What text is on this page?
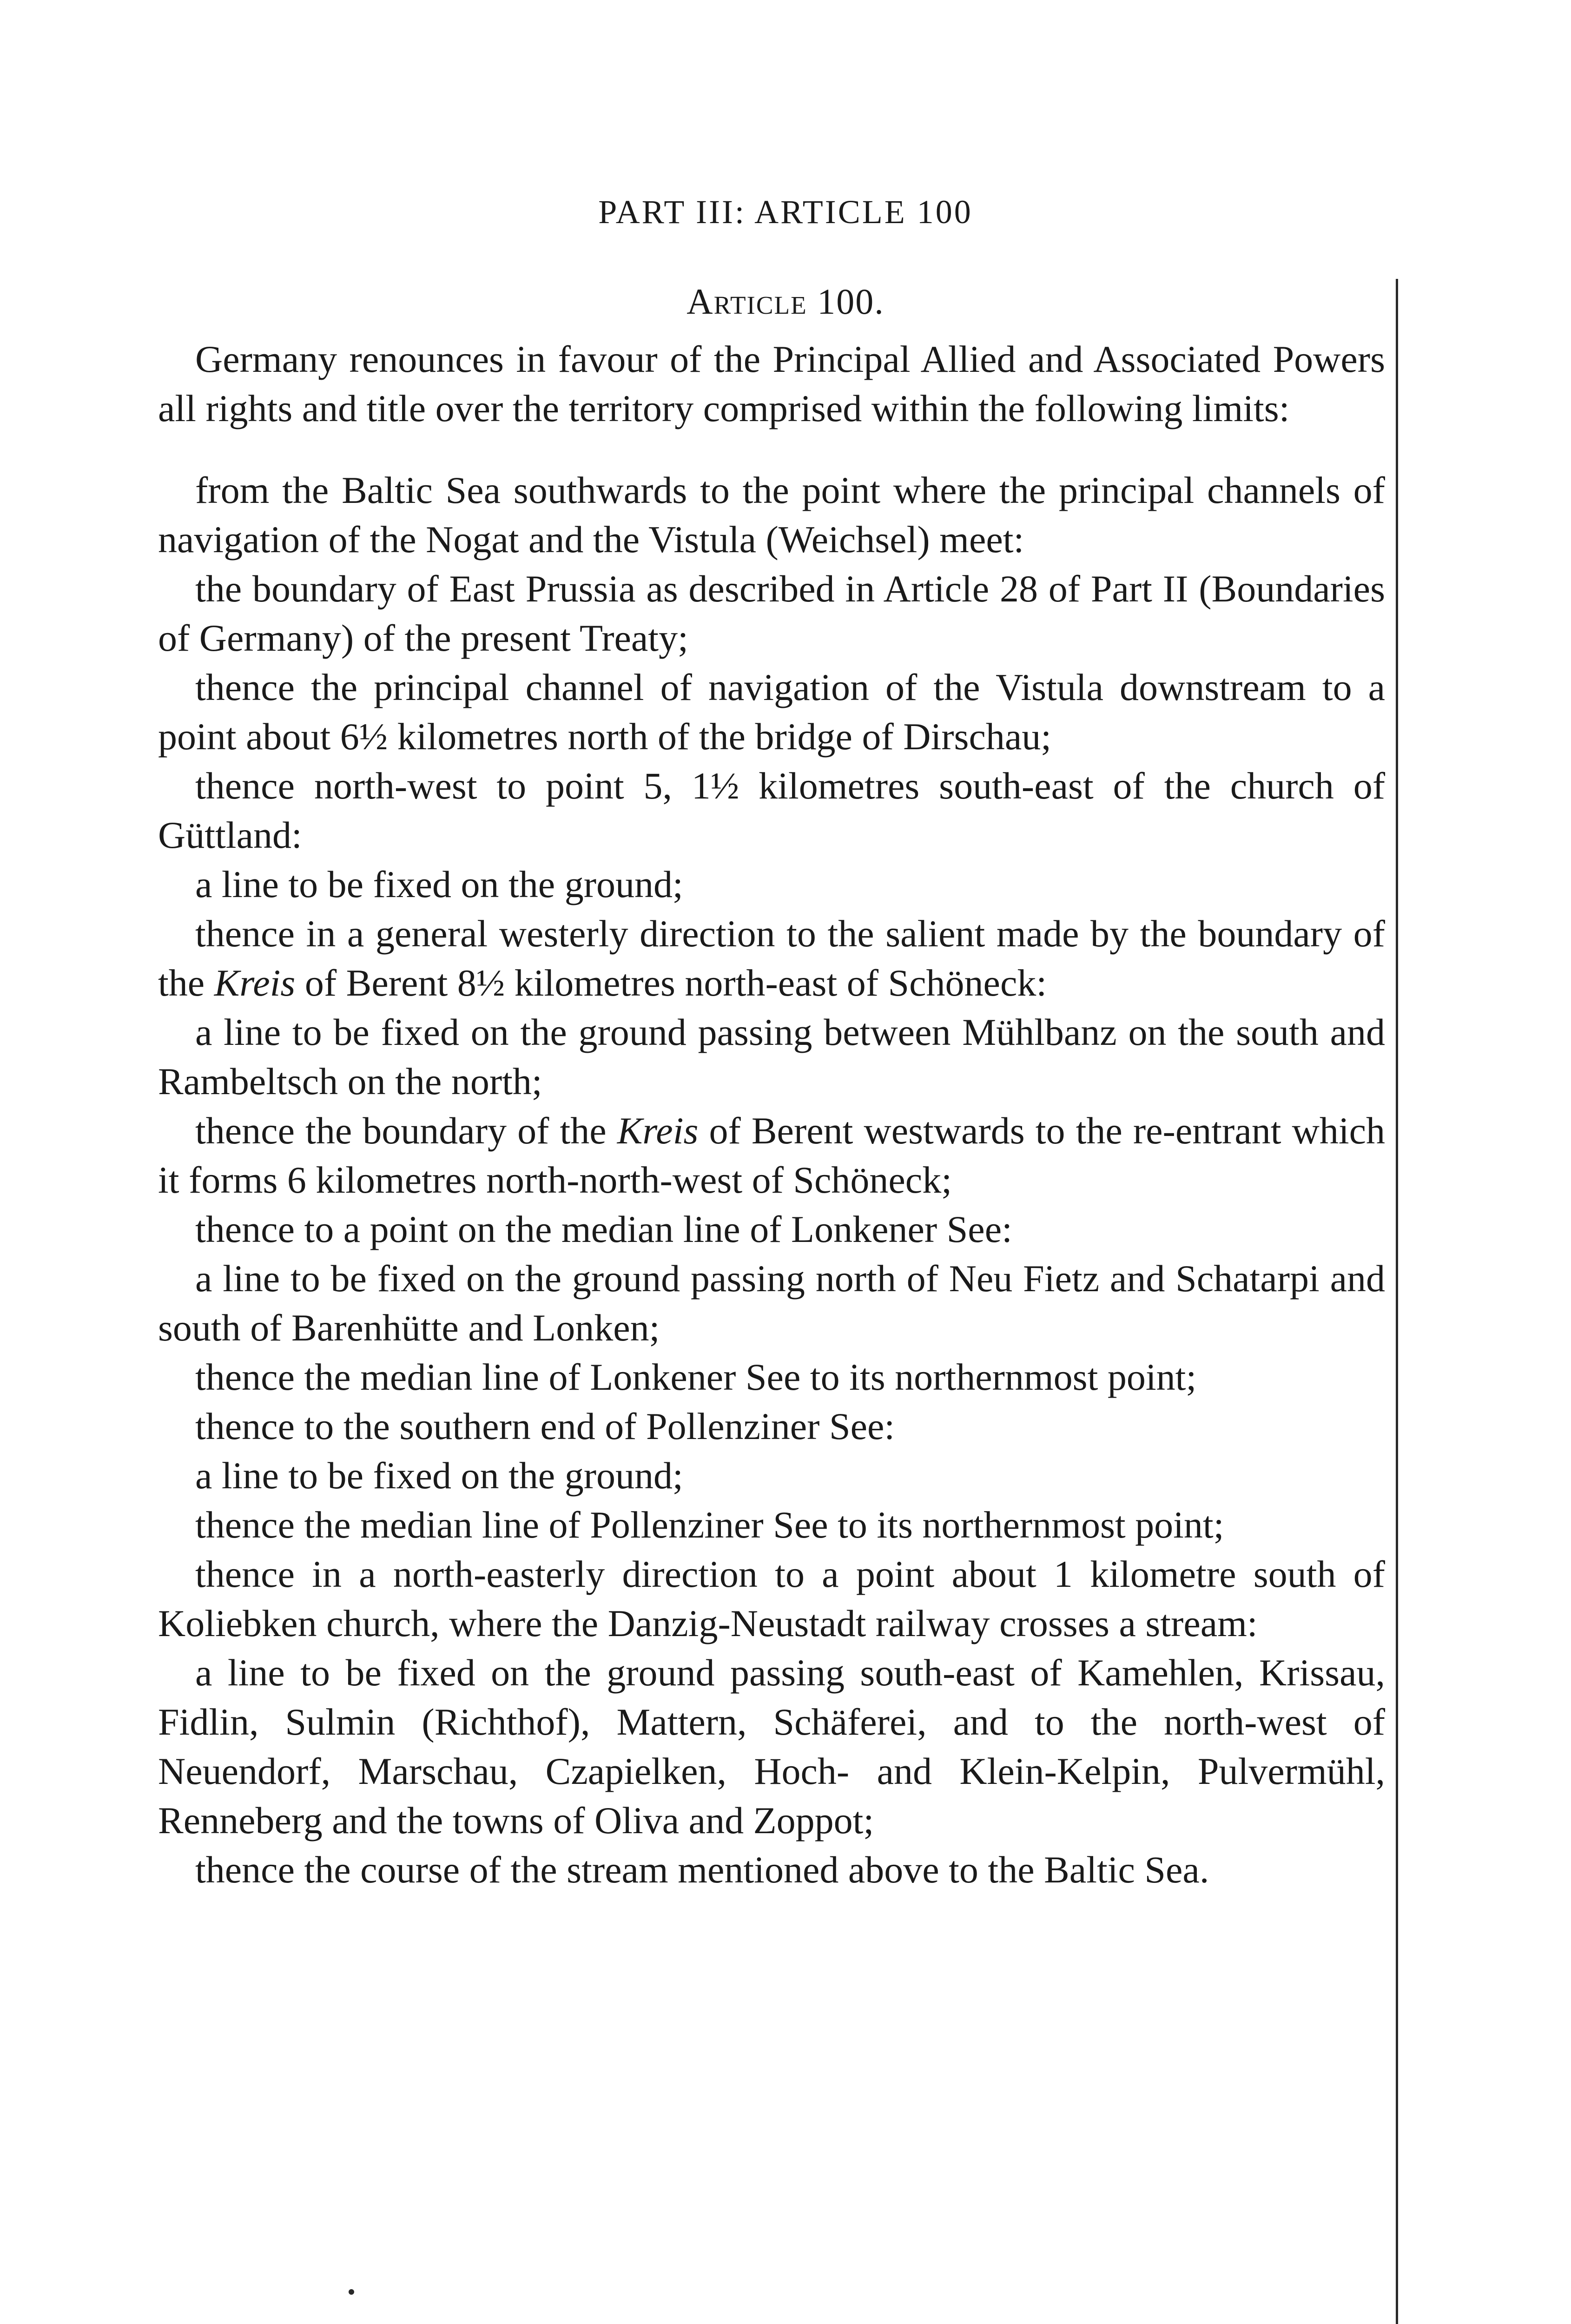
PART III: ARTICLE 100
Article 100.

Germany renounces in favour of the Principal Allied and Associated Powers all rights and title over the territory comprised within the following limits:

from the Baltic Sea southwards to the point where the principal channels of navigation of the Nogat and the Vistula (Weichsel) meet:

the boundary of East Prussia as described in Article 28 of Part II (Boundaries of Germany) of the present Treaty;

thence the principal channel of navigation of the Vistula downstream to a point about 6½ kilometres north of the bridge of Dirschau;

thence north-west to point 5, 1½ kilometres south-east of the church of Güttland:

a line to be fixed on the ground;

thence in a general westerly direction to the salient made by the boundary of the Kreis of Berent 8½ kilometres north-east of Schöneck:

a line to be fixed on the ground passing between Mühlbanz on the south and Rambeltsch on the north;

thence the boundary of the Kreis of Berent westwards to the re-entrant which it forms 6 kilometres north-north-west of Schöneck;

thence to a point on the median line of Lonkener See:

a line to be fixed on the ground passing north of Neu Fietz and Schatarpi and south of Barenhütte and Lonken;

thence the median line of Lonkener See to its northernmost point;

thence to the southern end of Pollenziner See:

a line to be fixed on the ground;

thence the median line of Pollenziner See to its northernmost point;

thence in a north-easterly direction to a point about 1 kilometre south of Koliebken church, where the Danzig-Neustadt railway crosses a stream:

a line to be fixed on the ground passing south-east of Kamehlen, Krissau, Fidlin, Sulmin (Richthof), Mattern, Schäferei, and to the north-west of Neuendorf, Marschau, Czapielken, Hoch- and Klein-Kelpin, Pulvermühl, Renneberg and the towns of Oliva and Zoppot;

thence the course of the stream mentioned above to the Baltic Sea.
